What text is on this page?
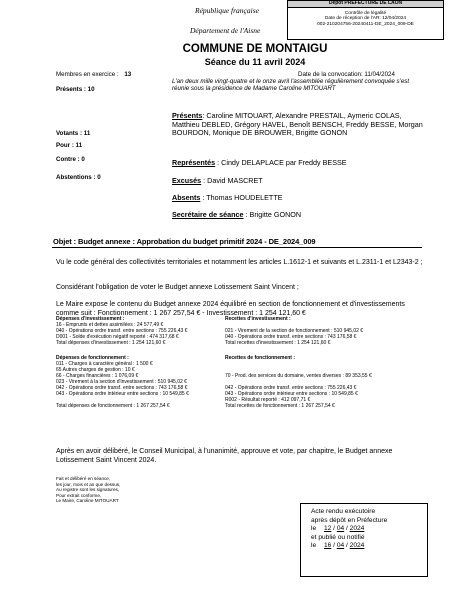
République française
Département de l'Aisne
Dépôt PREFECTURE DE LAON
Contrôle de légalité
Date de réception de l'AR: 12/04/2024
002-210204756-20240411-DE_2024_009-DE
COMMUNE DE MONTAIGU
Séance du 11 avril 2024
Membres en exercice : 13
Présents : 10
Votants : 11
Pour : 11
Contre : 0
Abstentions : 0
Date de la convocation: 11/04/2024
L'an deux mille vingt-quatre et le onze avril l'assemblée régulièrement convoquée s'est réunie sous la présidence de Madame Caroline MITOUART
Présents: Caroline MITOUART, Alexandre PRESTAIL, Aymeric COLAS, Matthieu DEBLED, Grégory HAVEL, Benoît BENSCH, Freddy BESSE, Morgan BOURDON, Monique DE BROUWER, Brigitte GONON
Représentés : Cindy DELAPLACE par Freddy BESSE
Excusés : David MASCRET
Absents : Thomas HOUDELETTE
Secrétaire de séance : Brigitte GONON
Objet : Budget annexe : Approbation du budget primitif 2024 - DE_2024_009
Vu le code général des collectivités territoriales et notamment les articles L.1612-1 et suivants et L.2311-1 et L2343-2 ;
Considérant l'obligation de voter le Budget annexe Lotissement Saint Vincent ;
Le Maire expose le contenu du Budget annexe 2024 équilibré en section de fonctionnement et d'investissements comme suit : Fonctionnement : 1 267 257,54 € - Investissement : 1 254 121,60 €
Dépenses d'investissement :
16 - Emprunts et dettes assimilées : 24 577,49 €
040 - Opérations ordre transf. entre sections : 755 226,43 €
D001 - Solde d'exécution négatif reporté : 474 317,68 €
Total dépenses d'investissement : 1 254 121,60 €
Recettes d'investissement :
021 - Virement de la section de fonctionnement : 510 945,02 €
040 - Opérations ordre transf. entre sections : 743 176,58 €
Total recettes d'investissement : 1 254 121,60 €
Dépenses de fonctionnement :
011 - Charges à caractère général : 1 500 €
65 Autres charges de gestion : 10 €
66 - Charges financières : 1 076,09 €
023 - Virement à la section d'investissement : 510 945,02 €
042 - Opérations ordre transf. entre sections : 743 176,58 €
043 - Opérations ordre intérieur entre sections : 10 549,85 €
Total dépenses de fonctionnement : 1 267 257,54 €
Recettes de fonctionnement :
70 - Prod. des services du domaine, ventes diverses : 89 353,55 €
042 - Opérations ordre transf. entre sections : 755 226,43 €
043 - Opérations ordre intérieur entre sections : 10 549,85 €
R002 - Résultat reporté : 412 097,71 €
Total recettes de fonctionnement : 1 267 257,54 €
Après en avoir délibéré, le Conseil Municipal, à l'unanimité, approuve et vote, par chapitre, le Budget annexe Lotissement Saint Vincent 2024.
Fait et délibéré en séance,
les jour, mois et an que dessus,
Au registre sont les signatures,
Pour extrait conforme,
Le Maire, Caroline MITOUART
Acte rendu exécutoire
après dépôt en Préfecture
le 12 / 04 / 2024
et publié ou notifié
le 16 / 04 / 2024
